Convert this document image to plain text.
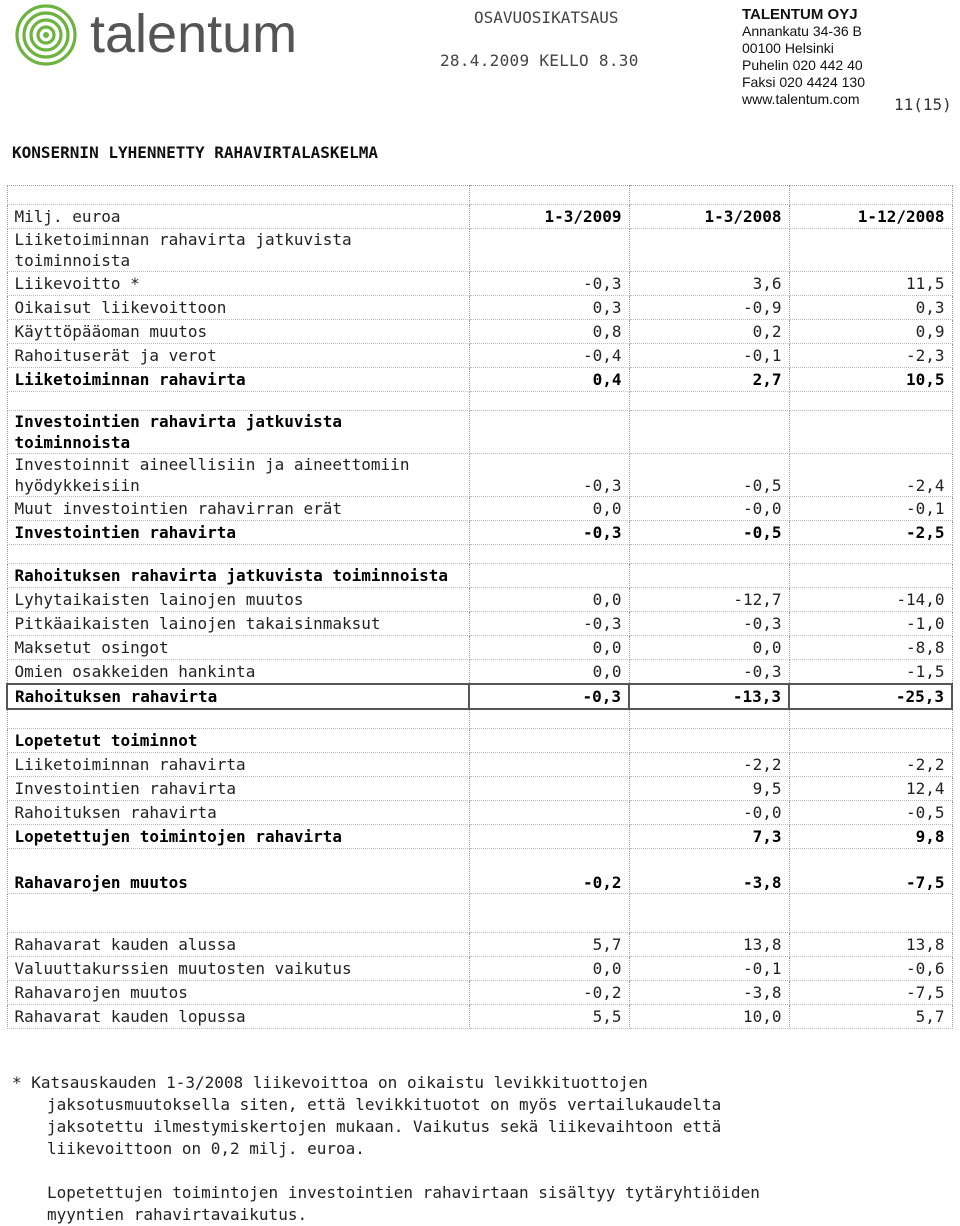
talentum	OSAVUOSIKATSAUS
28.4.2009 KELLO 8.30
TALENTUM OYJ
Annankatu 34-36 B
00100 Helsinki
Puhelin 020 442 40
Faksi 020 4424 130
www.talentum.com	11(15)
KONSERNIN LYHENNETTY RAHAVIRTALASKELMA

Milj. euroa	1-3/2009	1-3/2008	1-12/2008
Liiketoiminnan rahavirta jatkuvista toiminnoista			
Liikevoitto *	-0,3	3,6	11,5
Oikaisut liikevoittoon	0,3	-0,9	0,3
Käyttöpääoman muutos	0,8	0,2	0,9
Rahoituserät ja verot	-0,4	-0,1	-2,3
Liiketoiminnan rahavirta	0,4	2,7	10,5

Investointien rahavirta jatkuvista toiminnoista			
Investoinnit aineellisiin ja aineettomiin hyödykkeisiin	-0,3	-0,5	-2,4
Muut investointien rahavirran erät	0,0	-0,0	-0,1
Investointien rahavirta	-0,3	-0,5	-2,5

Rahoituksen rahavirta jatkuvista toiminnoista			
Lyhytaikaisten lainojen muutos	0,0	-12,7	-14,0
Pitkäaikaisten lainojen takaisinmaksut	-0,3	-0,3	-1,0
Maksetut osingot	0,0	0,0	-8,8
Omien osakkeiden hankinta	0,0	-0,3	-1,5
Rahoituksen rahavirta	-0,3	-13,3	-25,3

Lopetetut toiminnot			
Liiketoiminnan rahavirta		-2,2	-2,2
Investointien rahavirta		9,5	12,4
Rahoituksen rahavirta		-0,0	-0,5
Lopetettujen toimintojen rahavirta		7,3	9,8
Rahavarojen muutos	-0,2	-3,8	-7,5

Rahavarat kauden alussa	5,7	13,8	13,8
Valuuttakurssien muutosten vaikutus	0,0	-0,1	-0,6
Rahavarojen muutos	-0,2	-3,8	-7,5
Rahavarat kauden lopussa	5,5	10,0	5,7

* Katsauskauden 1-3/2008 liikevoittoa on oikaistu levikkituottojen

jaksotusmuutoksella siten, että levikkituotot on myös vertailukaudelta

jaksotettu ilmestymiskertojen mukaan. Vaikutus sekä liikevaihtoon että

liikevoittoon on 0,2 milj. euroa.

Lopetettujen toimintojen investointien rahavirtaan sisältyy tytäryhtiöiden

myyntien rahavirtavaikutus.
